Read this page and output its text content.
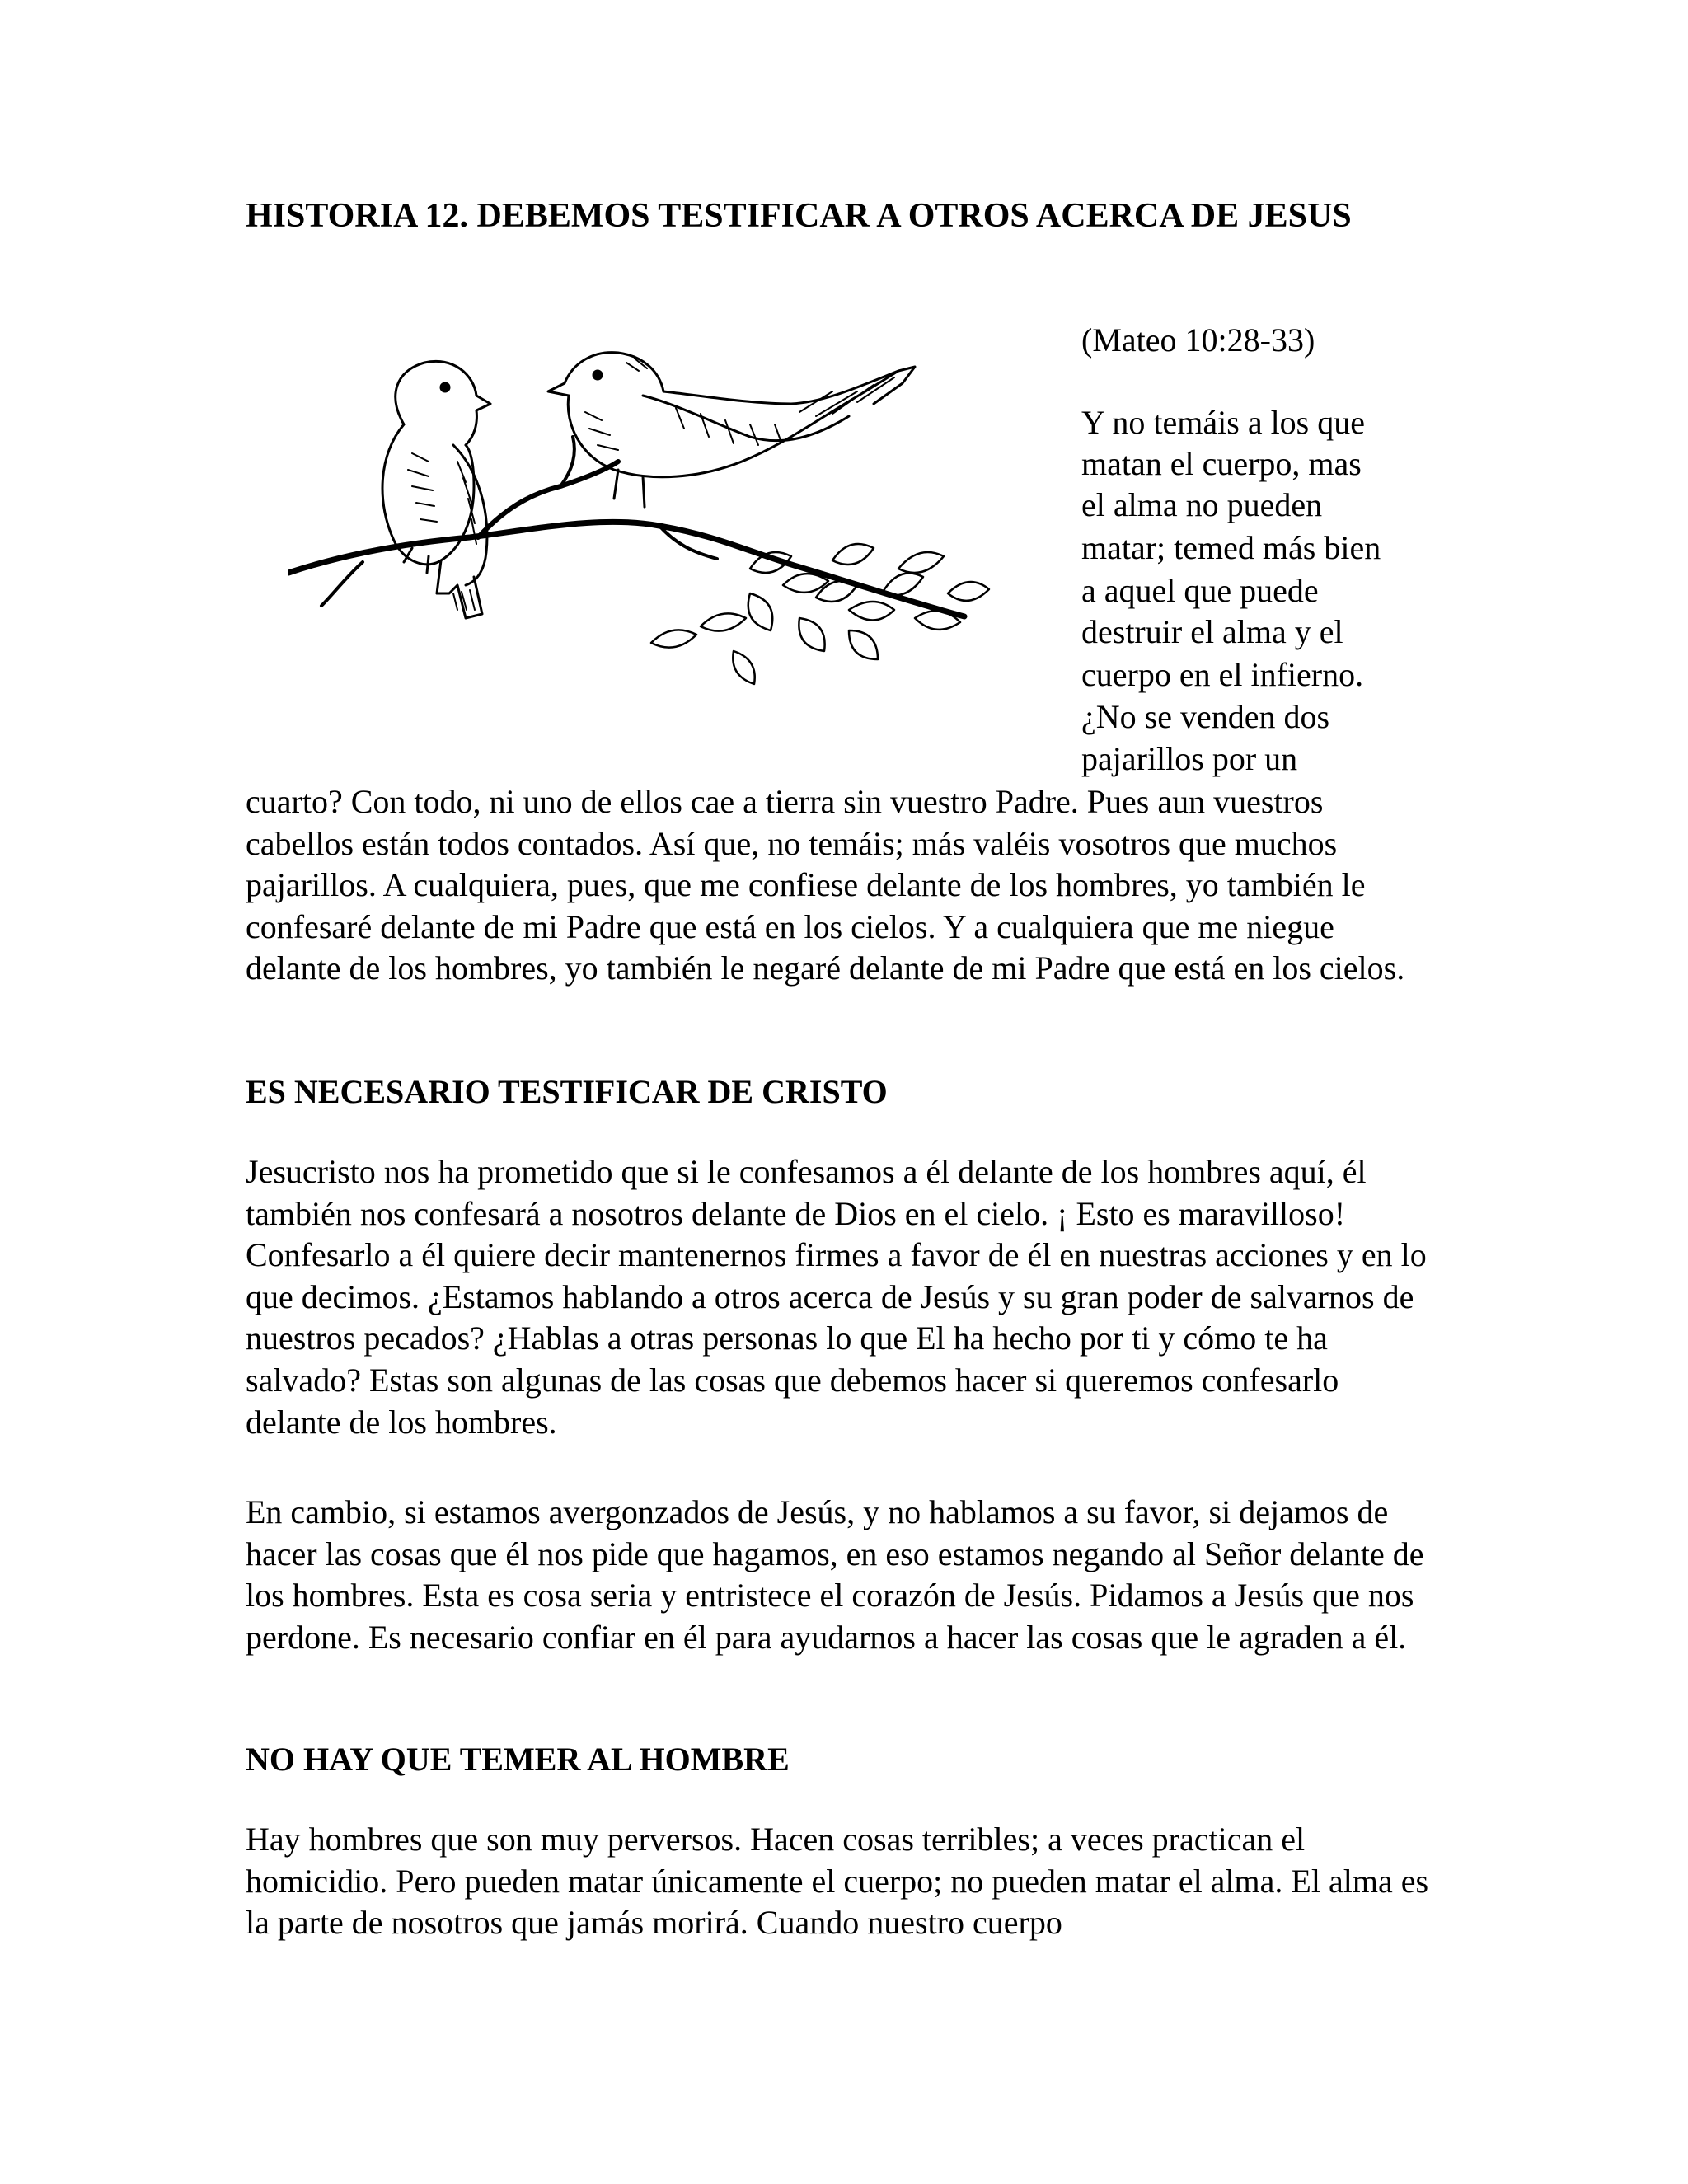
HISTORIA 12. DEBEMOS TESTIFICAR A OTROS ACERCA DE JESUS
(Mateo 10:28-33)
Y no temáis a los que
matan el cuerpo, mas
el alma no pueden
matar; temed más bien
a aquel que puede
destruir el alma y el
cuerpo en el infierno.
¿No se venden dos
pajarillos por un

cuarto? Con todo, ni uno de ellos cae a tierra sin vuestro Padre. Pues aun vuestros cabellos están todos contados. Así que, no temáis; más valéis vosotros que muchos pajarillos. A cualquiera, pues, que me confiese delante de los hombres, yo también le confesaré delante de mi Padre que está en los cielos. Y a cualquiera que me niegue delante de los hombres, yo también le negaré delante de mi Padre que está en los cielos.

ES NECESARIO TESTIFICAR DE CRISTO

Jesucristo nos ha prometido que si le confesamos a él delante de los hombres aquí, él también nos confesará a nosotros delante de Dios en el cielo. ¡ Esto es maravilloso! Confesarlo a él quiere decir mantenernos firmes a favor de él en nuestras acciones y en lo que decimos. ¿Estamos hablando a otros acerca de Jesús y su gran poder de salvarnos de nuestros pecados? ¿Hablas a otras personas lo que El ha hecho por ti y cómo te ha salvado? Estas son algunas de las cosas que debemos hacer si queremos confesarlo delante de los hombres.

En cambio, si estamos avergonzados de Jesús, y no hablamos a su favor, si dejamos de hacer las cosas que él nos pide que hagamos, en eso estamos negando al Señor delante de los hombres. Esta es cosa seria y entristece el corazón de Jesús. Pidamos a Jesús que nos perdone. Es necesario confiar en él para ayudarnos a hacer las cosas que le agraden a él.

NO HAY QUE TEMER AL HOMBRE

Hay hombres que son muy perversos. Hacen cosas terribles; a veces practican el homicidio. Pero pueden matar únicamente el cuerpo; no pueden matar el alma. El alma es la parte de nosotros que jamás morirá. Cuando nuestro cuerpo
